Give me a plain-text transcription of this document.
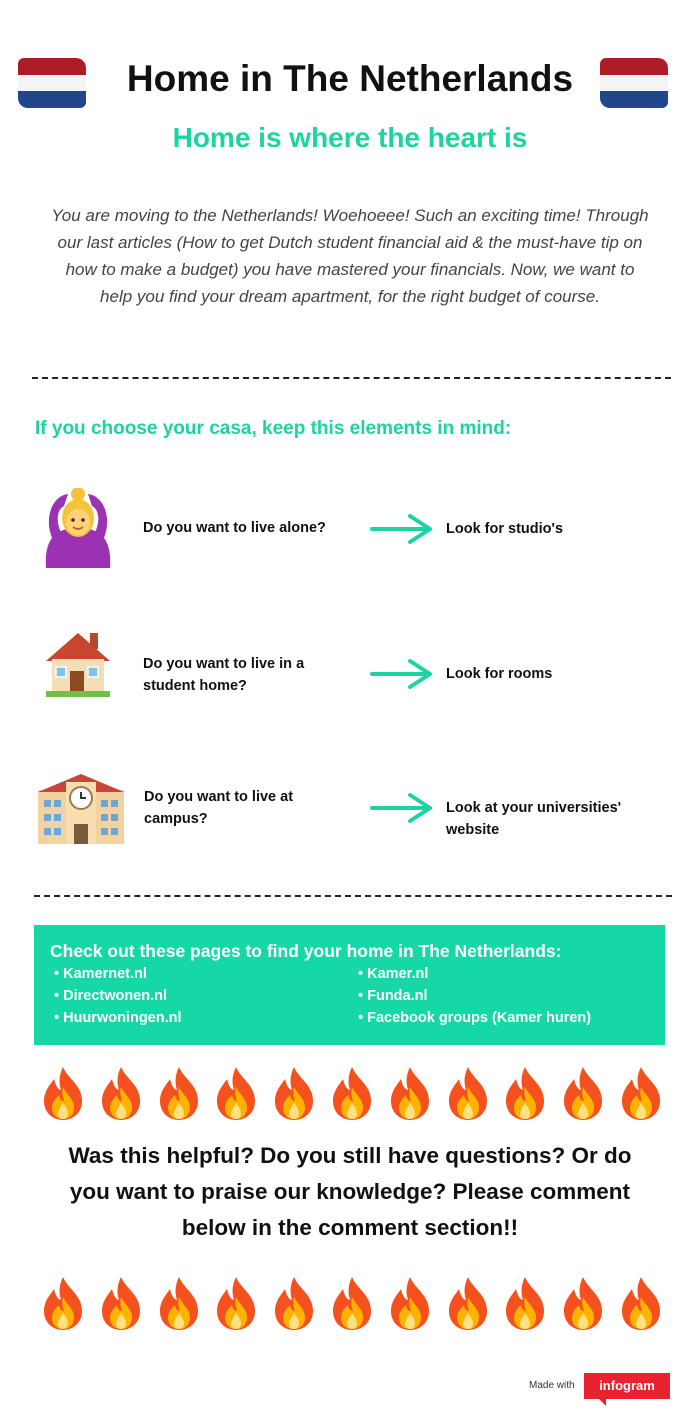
Home in The Netherlands
Home is where the heart is
You are moving to the Netherlands! Woehoeee! Such an exciting time! Through our last articles (How to get Dutch student financial aid & the must-have tip on how to make a budget) you have mastered your financials. Now, we want to help you find your dream apartment, for the right budget of course.
If you choose your casa, keep this elements in mind:
Do you want to live alone?	Look for studio's
Do you want to live in a student home?
Look for rooms
Do you want to live at campus?
Look at your universities' website
Check out these pages to find your home in The Netherlands:
• Kamernet.nl
• Directwonen.nl
• Huurwoningen.nl
• Kamer.nl
• Funda.nl
• Facebook groups (Kamer huren)
Was this helpful? Do you still have questions? Or do you want to praise our knowledge? Please comment below in the comment section!!
Made with	infogram
